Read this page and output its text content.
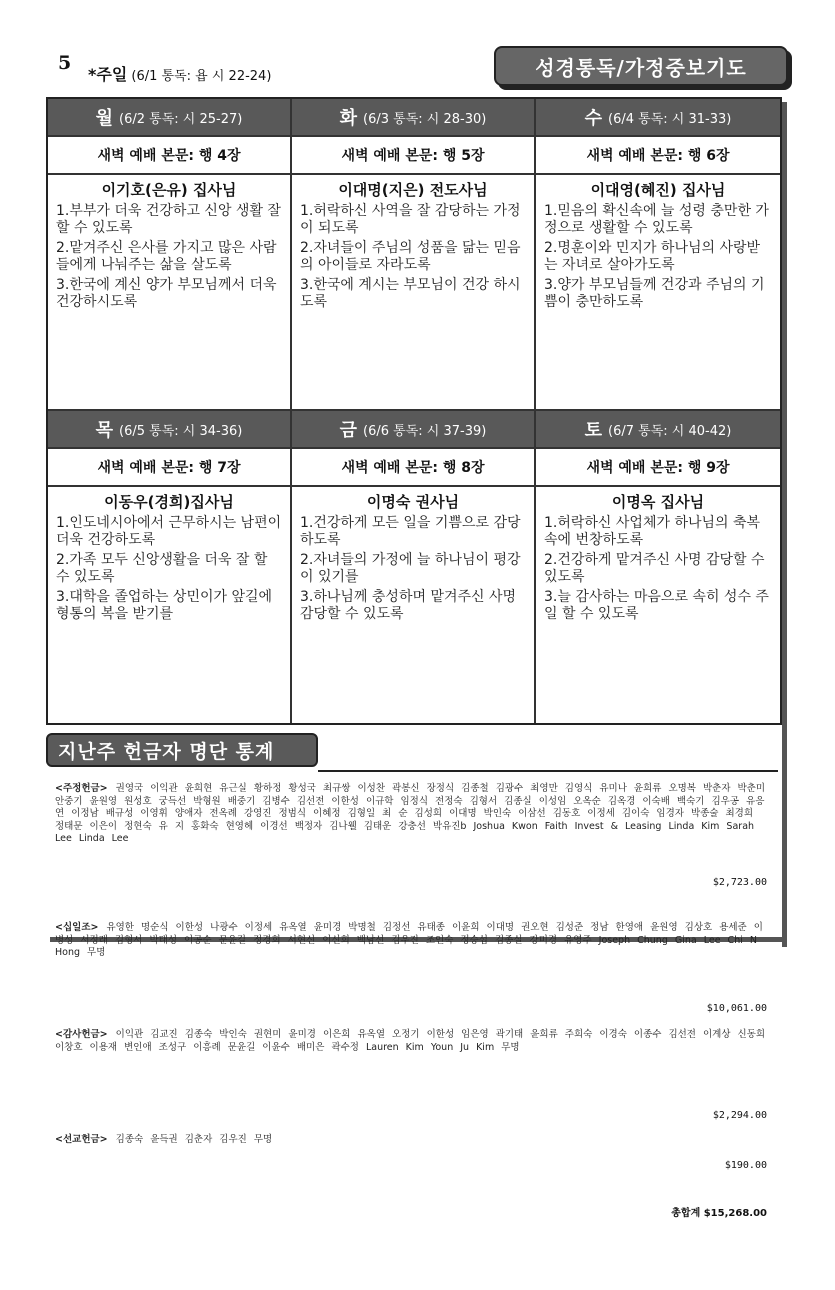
5
*주일 (6/1 통독: 욥 시 22-24)	성경통독/가정중보기도
월 (6/2 통독: 시 25-27)
새벽 예배 본문: 행 4장
이기호(은유) 집사님
1.부부가 더욱 건강하고 신앙 생활 잘 할 수 있도록
2.맡겨주신 은사를 가지고 많은 사람들에게 나눠주는 삶을 살도록
3.한국에 계신 양가 부모님께서 더욱 건강하시도록
화 (6/3 통독: 시 28-30)
새벽 예배 본문: 행 5장
이대명(지은) 전도사님
1.허락하신 사역을 잘 감당하는 가정이 되도록
2.자녀들이 주님의 성품을 닮는 믿음의 아이들로 자라도록
3.한국에 계시는 부모님이 건강 하시도록
수 (6/4 통독: 시 31-33)
새벽 예배 본문: 행 6장
이대영(혜진) 집사님
1.믿음의 확신속에 늘 성령 충만한 가정으로 생활할 수 있도록
2.명훈이와 민지가 하나님의 사랑받는 자녀로 살아가도록
3.양가 부모님들께 건강과 주님의 기쁨이 충만하도록
목 (6/5 통독: 시 34-36)
새벽 예배 본문: 행 7장
이동우(경희)집사님
1.인도네시아에서 근무하시는 남편이 더욱 건강하도록
2.가족 모두 신앙생활을 더욱 잘 할 수 있도록
3.대학을 졸업하는 상민이가 앞길에 형통의 복을 받기를
금 (6/6 통독: 시 37-39)
새벽 예배 본문: 행 8장
이명숙 권사님
1.건강하게 모든 일을 기쁨으로 감당하도록
2.자녀들의 가정에 늘 하나님이 평강이 있기를
3.하나님께 충성하며 맡겨주신 사명 감당할 수 있도록
토 (6/7 통독: 시 40-42)
새벽 예배 본문: 행 9장
이명옥 집사님
1.허락하신 사업체가 하나님의 축복 속에 번창하도록
2.건강하게 맡겨주신 사명 감당할 수 있도록
3.늘 감사하는 마음으로 속히 성수 주일 할 수 있도록
지난주 헌금자 명단 통계
<주정헌금> 권영국 이익관 윤희현 유근실 황하정 황성국 최규쌍 이성찬 곽봉신 장정식 김종철 김광수 최영만 김영식 유미나 윤희류 오명복 박춘자 박춘미 안중기 윤원영 원성호 궁득선 박형원 배중기 김병수 김선전 이한성 이규학 임정식 전정숙 김형서 김종실 이성임 오옥순 김옥경 이숙배 백숙기 김우공 유응연 이정남 배규성 이영휘 양애자 전옥례 강영진 정범식 이혜정 김형일 최 순 김성희 이대명 박인숙 이삼선 김동호 이정세 김이숙 임경자 박종술 최경희 정태문 이은이 정현숙 유 지 홍화숙 현영헤 이경선 백정자 김나웰 김태운 강충선 박유진b Joshua Kwon Faith Invest & Leasing Linda Kim Sarah Lee Linda Lee
$2,723.00
<십일조> 유영한 명순식 이한성 나광수 이정세 유옥열 윤미경 박명철 김정선 유태종 이윤희 이대명 권오현 김성준 정남 한영애 윤원영 김상호 용세준 이병성 서정래 김형서 박태성 이공순 문윤길 정경희 서현신 이신희 백남선 김우진 조인숙 정승섭 김종실 강미경 유영주 Joseph Chung Gina Lee Chi N Hong 무명
$10,061.00
<감사헌금> 이익관 김교진 김종숙 박인숙 권현미 윤미경 이은희 유옥열 오정기 이한성 임은영 곽기태 윤희류 주희숙 이경숙 이종수 김선전 이계상 신동희 이창호 이용재 변인애 조성구 이흥례 문윤길 이윤수 배미은 곽수정 Lauren Kim Youn Ju Kim 무명
$2,294.00
<선교헌금> 김종숙 윤득권 김춘자 김우진 무명
$190.00
총합계 $15,268.00
